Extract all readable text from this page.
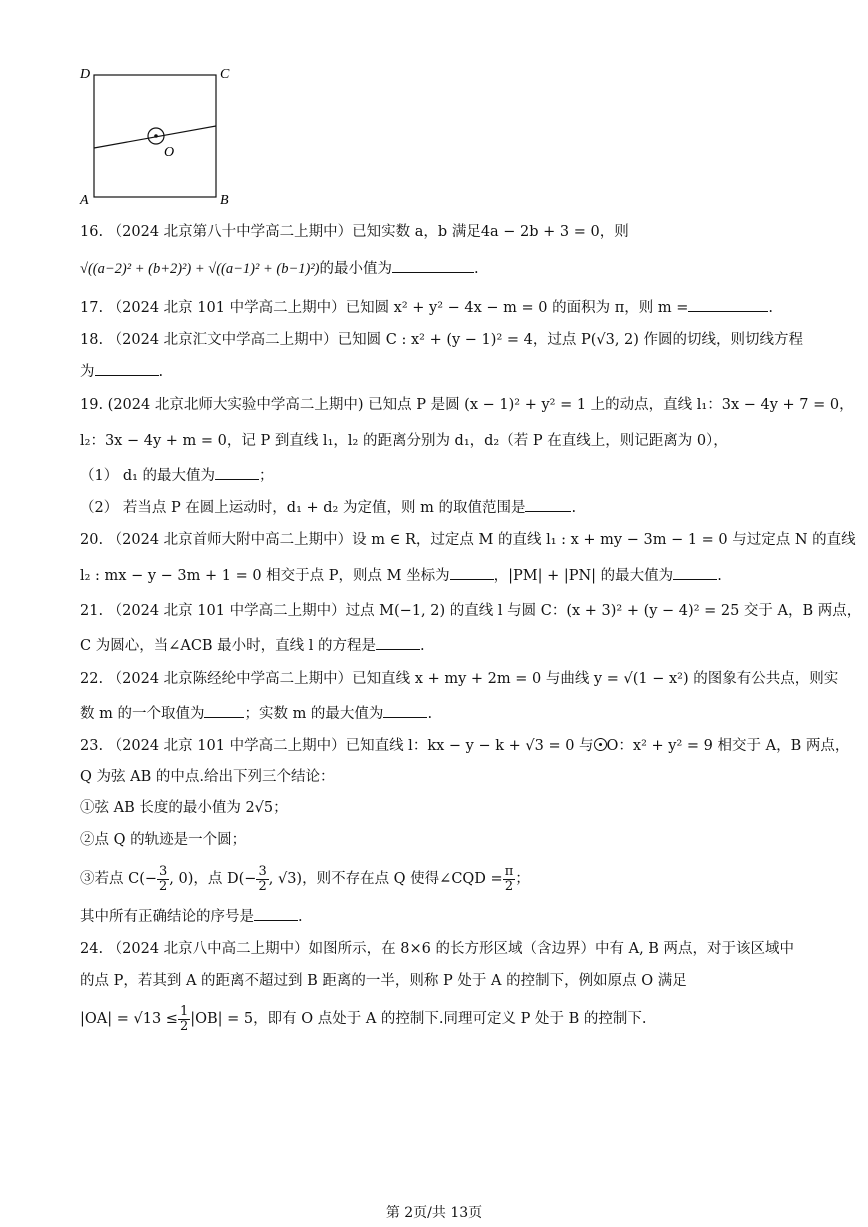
D	C
A	B
O
16. （2024 北京第八十中学高二上期中）已知实数 a，b 满足4a − 2b + 3 = 0，则
√((a−2)² + (b+2)²) + √((a−1)² + (b−1)²)的最小值为	.
17. （2024 北京 101 中学高二上期中）已知圆 x² + y² − 4x − m = 0 的面积为 π，则 m =	.
18. （2024 北京汇文中学高二上期中）已知圆 C : x² + (y − 1)² = 4，过点 P(√3, 2) 作圆的切线，则切线方程
为	.
19. (2024 北京北师大实验中学高二上期中) 已知点 P 是圆 (x − 1)² + y² = 1 上的动点，直线 l₁：3x − 4y + 7 = 0，
l₂：3x − 4y + m = 0，记 P 到直线 l₁，l₂ 的距离分别为 d₁，d₂（若 P 在直线上，则记距离为 0），
（1） d₁ 的最大值为	；
（2） 若当点 P 在圆上运动时，d₁ + d₂ 为定值，则 m 的取值范围是	.
20. （2024 北京首师大附中高二上期中）设 m ∈ R，过定点 M 的直线 l₁ : x + my − 3m − 1 = 0 与过定点 N 的直线
l₂ : mx − y − 3m + 1 = 0 相交于点 P，则点 M 坐标为	，|PM| + |PN| 的最大值为	.
21. （2024 北京 101 中学高二上期中）过点 M(−1, 2) 的直线 l 与圆 C：(x + 3)² + (y − 4)² = 25 交于 A，B 两点，
C 为圆心，当∠ACB 最小时，直线 l 的方程是	.
22. （2024 北京陈经纶中学高二上期中）已知直线 x + my + 2m = 0 与曲线 y = √(1 − x²) 的图象有公共点，则实
数 m 的一个取值为	；实数 m 的最大值为	.
23. （2024 北京 101 中学高二上期中）已知直线 l：kx − y − k + √3 = 0 与 O：x² + y² = 9 相交于 A，B 两点，
Q 为弦 AB 的中点.给出下列三个结论：
①弦 AB 长度的最小值为 2√5；
②点 Q 的轨迹是一个圆；
③若点 $C(- \frac{3}{2}$ , 0)，点 $D(- \frac{3}{2}$ , √3)，则不存在点 Q 使得∠CQD = $\frac{\pi}{2}$ ；
其中所有正确结论的序号是	.
24. （2024 北京八中高二上期中）如图所示，在 8×6 的长方形区域（含边界）中有 A, B 两点，对于该区域中
的点 P，若其到 A 的距离不超过到 B 距离的一半，则称 P 处于 A 的控制下，例如原点 O 满足
$|OA| = √13 \le \frac{1}{2} |OB| = 5$，即有 O 点处于 A 的控制下.同理可定义 P 处于 B 的控制下.
第 2页/共 13页
